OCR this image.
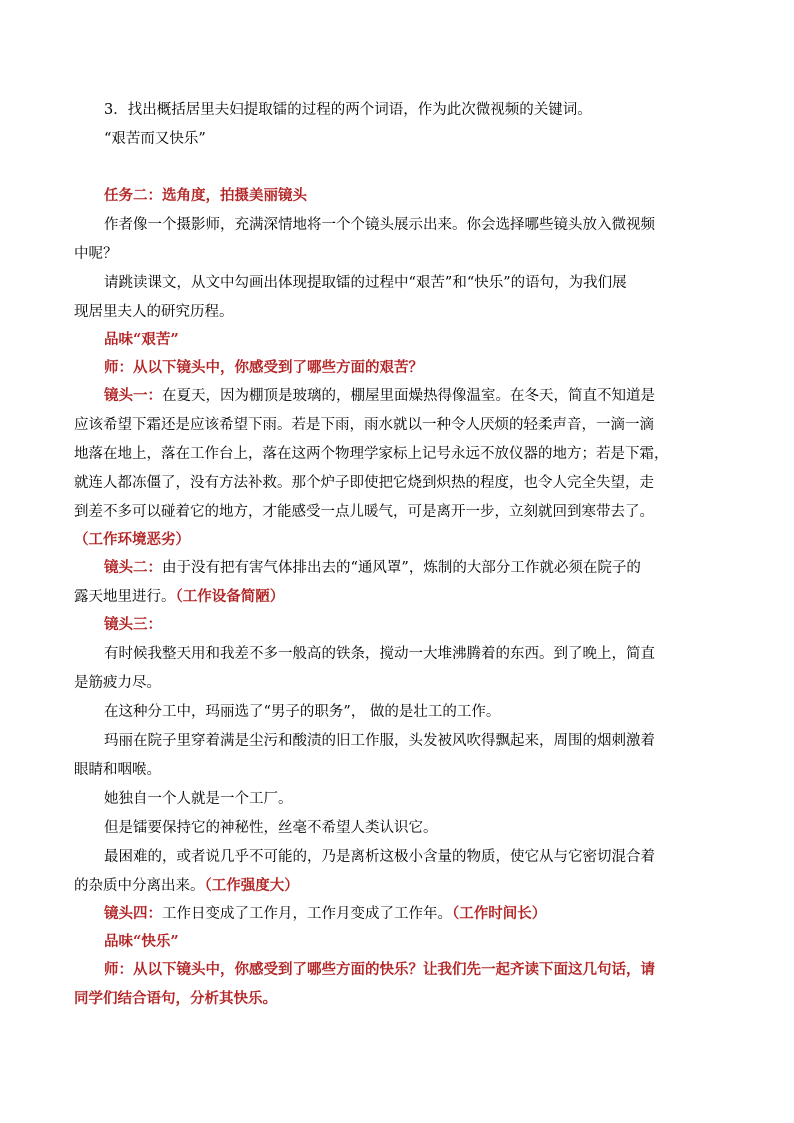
3．找出概括居里夫妇提取镭的过程的两个词语，作为此次微视频的关键词。
“艰苦而又快乐”
任务二：选角度，拍摄美丽镜头
作者像一个摄影师，充满深情地将一个个镜头展示出来。你会选择哪些镜头放入微视频
中呢？
请跳读课文，从文中勾画出体现提取镭的过程中“艰苦”和“快乐”的语句，为我们展
现居里夫人的研究历程。
品味“艰苦”
师：从以下镜头中，你感受到了哪些方面的艰苦？
镜头一：在夏天，因为棚顶是玻璃的，棚屋里面燥热得像温室。在冬天，简直不知道是
应该希望下霜还是应该希望下雨。若是下雨，雨水就以一种令人厌烦的轻柔声音，一滴一滴
地落在地上，落在工作台上，落在这两个物理学家标上记号永远不放仪器的地方；若是下霜，
就连人都冻僵了，没有方法补救。那个炉子即使把它烧到炽热的程度，也令人完全失望，走
到差不多可以碰着它的地方，才能感受一点儿暖气，可是离开一步，立刻就回到寒带去了。
（工作环境恶劣）
镜头二：由于没有把有害气体排出去的“通风罩”，炼制的大部分工作就必须在院子的
露天地里进行。（工作设备简陋）
镜头三：
有时候我整天用和我差不多一般高的铁条，搅动一大堆沸腾着的东西。到了晚上，简直
是筋疲力尽。
在这种分工中，玛丽选了“男子的职务”， 做的是壮工的工作。
玛丽在院子里穿着满是尘污和酸渍的旧工作服，头发被风吹得飘起来，周围的烟刺激着
眼睛和咽喉。
她独自一个人就是一个工厂。
但是镭要保持它的神秘性，丝毫不希望人类认识它。
最困难的，或者说几乎不可能的，乃是离析这极小含量的物质，使它从与它密切混合着
的杂质中分离出来。（工作强度大）
镜头四：工作日变成了工作月，工作月变成了工作年。（工作时间长）
品味“快乐”
师：从以下镜头中，你感受到了哪些方面的快乐？让我们先一起齐读下面这几句话，请
同学们结合语句，分析其快乐。
